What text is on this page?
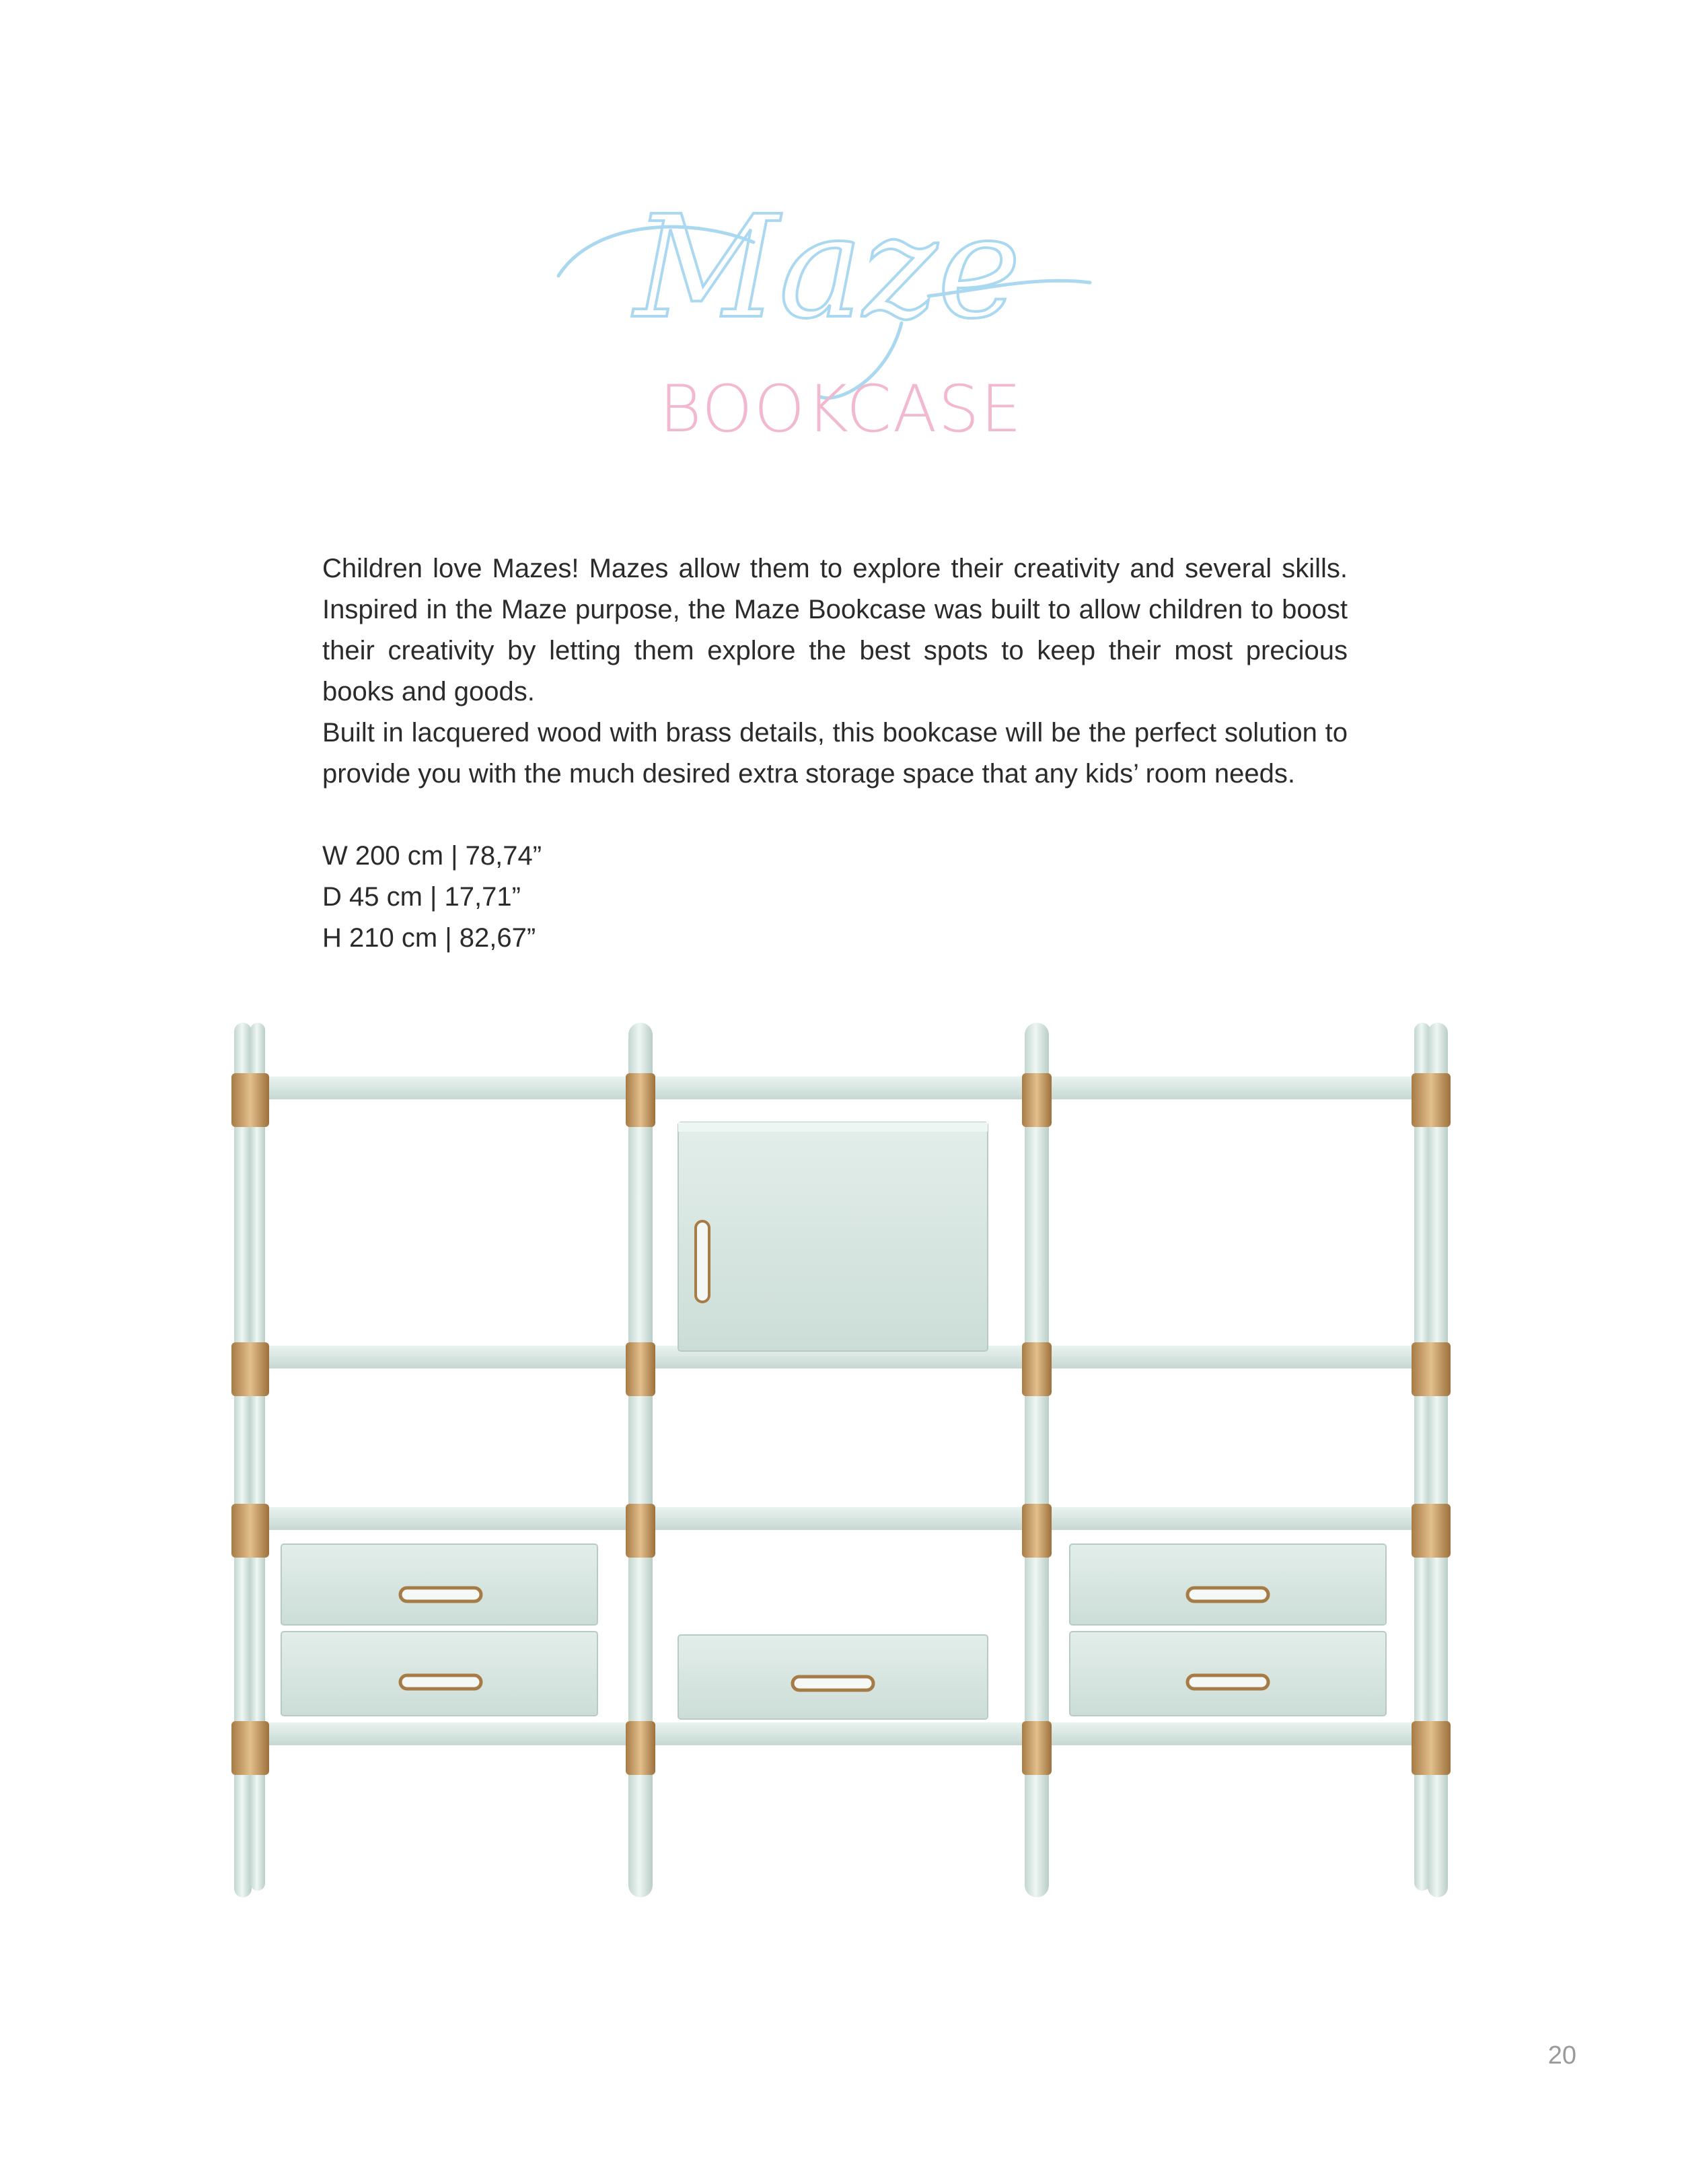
Maze
BOOKCASE

Children love Mazes! Mazes allow them to explore their creativity and several skills. Inspired in the Maze purpose, the Maze Bookcase was built to allow children to boost their creativity by letting them explore the best spots to keep their most precious books and goods.

Built in lacquered wood with brass details, this bookcase will be the perfect solution to provide you with the much desired extra storage space that any kids’ room needs.

W 200 cm | 78,74”
D 45 cm | 17,71”
H 210 cm | 82,67”
20
